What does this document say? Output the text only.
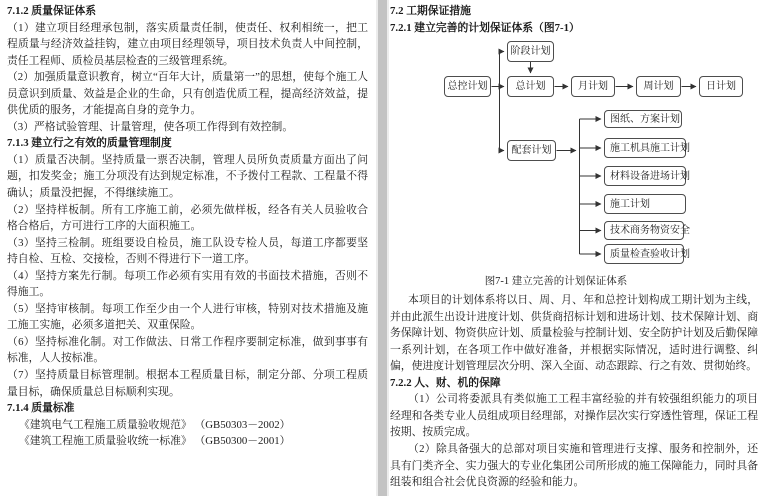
7.1.2 质量保证体系

（1）建立项目经理承包制，落实质量责任制，使责任、权利相统一，把工程质量与经济效益挂钩，建立由项目经理领导，项目技术负责人中间控制，责任工程师、质检员基层检查的三级管理系统。

（2）加强质量意识教育，树立“百年大计，质量第一”的思想，使每个施工人员意识到质量、效益是企业的生命，只有创造优质工程，提高经济效益，提供优质的服务，才能提高自身的竞争力。

（3）严格试验管理、计量管理，使各项工作得到有效控制。

7.1.3 建立行之有效的质量管理制度

（1）质量否决制。坚持质量一票否决制，管理人员所负责质量方面出了问题，扣发奖金；施工分项没有达到规定标准，不予拨付工程款、工程量不得确认；质量没把握，不得继续施工。

（2）坚持样板制。所有工序施工前，必须先做样板，经各有关人员验收合格合格后，方可进行工序的大面积施工。

（3）坚持三检制。班组要设自检员，施工队设专检人员，每道工序都要坚持自检、互检、交接检，否则不得进行下一道工序。

（4）坚持方案先行制。每项工作必须有实用有效的书面技术措施，否则不得施工。

（5）坚持审核制。每项工作至少由一个人进行审核，特别对技术措施及施工施工实施，必须多道把关、双重保险。

（6）坚持标准化制。对工作做法、日常工作程序要制定标准，做到事事有标准，人人按标准。

（7）坚持质量目标管理制。根据本工程质量目标，制定分部、分项工程质量目标，确保质量总目标顺利实现。

7.1.4 质量标准

《建筑电气工程施工质量验收规范》 （GB50303－2002）

《建筑工程施工质量验收统一标准》 （GB50300－2001）

7.2 工期保证措施

7.2.1 建立完善的计划保证体系（图7-1）

阶段计划
总控计划	总计划	月计划	周计划	日计划
配套计划
图纸、方案计划
施工机具施工计划
材料设备进场计划
施工计划
技术商务物资安全
质量检查验收计划
图7-1 建立完善的计划保证体系

本项目的计划体系将以日、周、月、年和总控计划构成工期计划为主线，并由此派生出设计进度计划、供货商招标计划和进场计划、技术保障计划、商务保障计划、物资供应计划、质量检验与控制计划、安全防护计划及后勤保障一系列计划，在各项工作中做好准备，并根据实际情况，适时进行调整、纠偏，使进度计划管理层次分明、深入全面、动态跟踪、行之有效、贯彻始终。

7.2.2 人、财、机的保障

（1）公司将委派具有类似施工工程丰富经验的并有较强组织能力的项目经理和各类专业人员组成项目经理部，对操作层次实行穿透性管理，保证工程按期、按质完成。

（2）除具备强大的总部对项目实施和管理进行支撑、服务和控制外，还具有门类齐全、实力强大的专业化集团公司所形成的施工保障能力，同时具备组装和组合社会优良资源的经验和能力。
